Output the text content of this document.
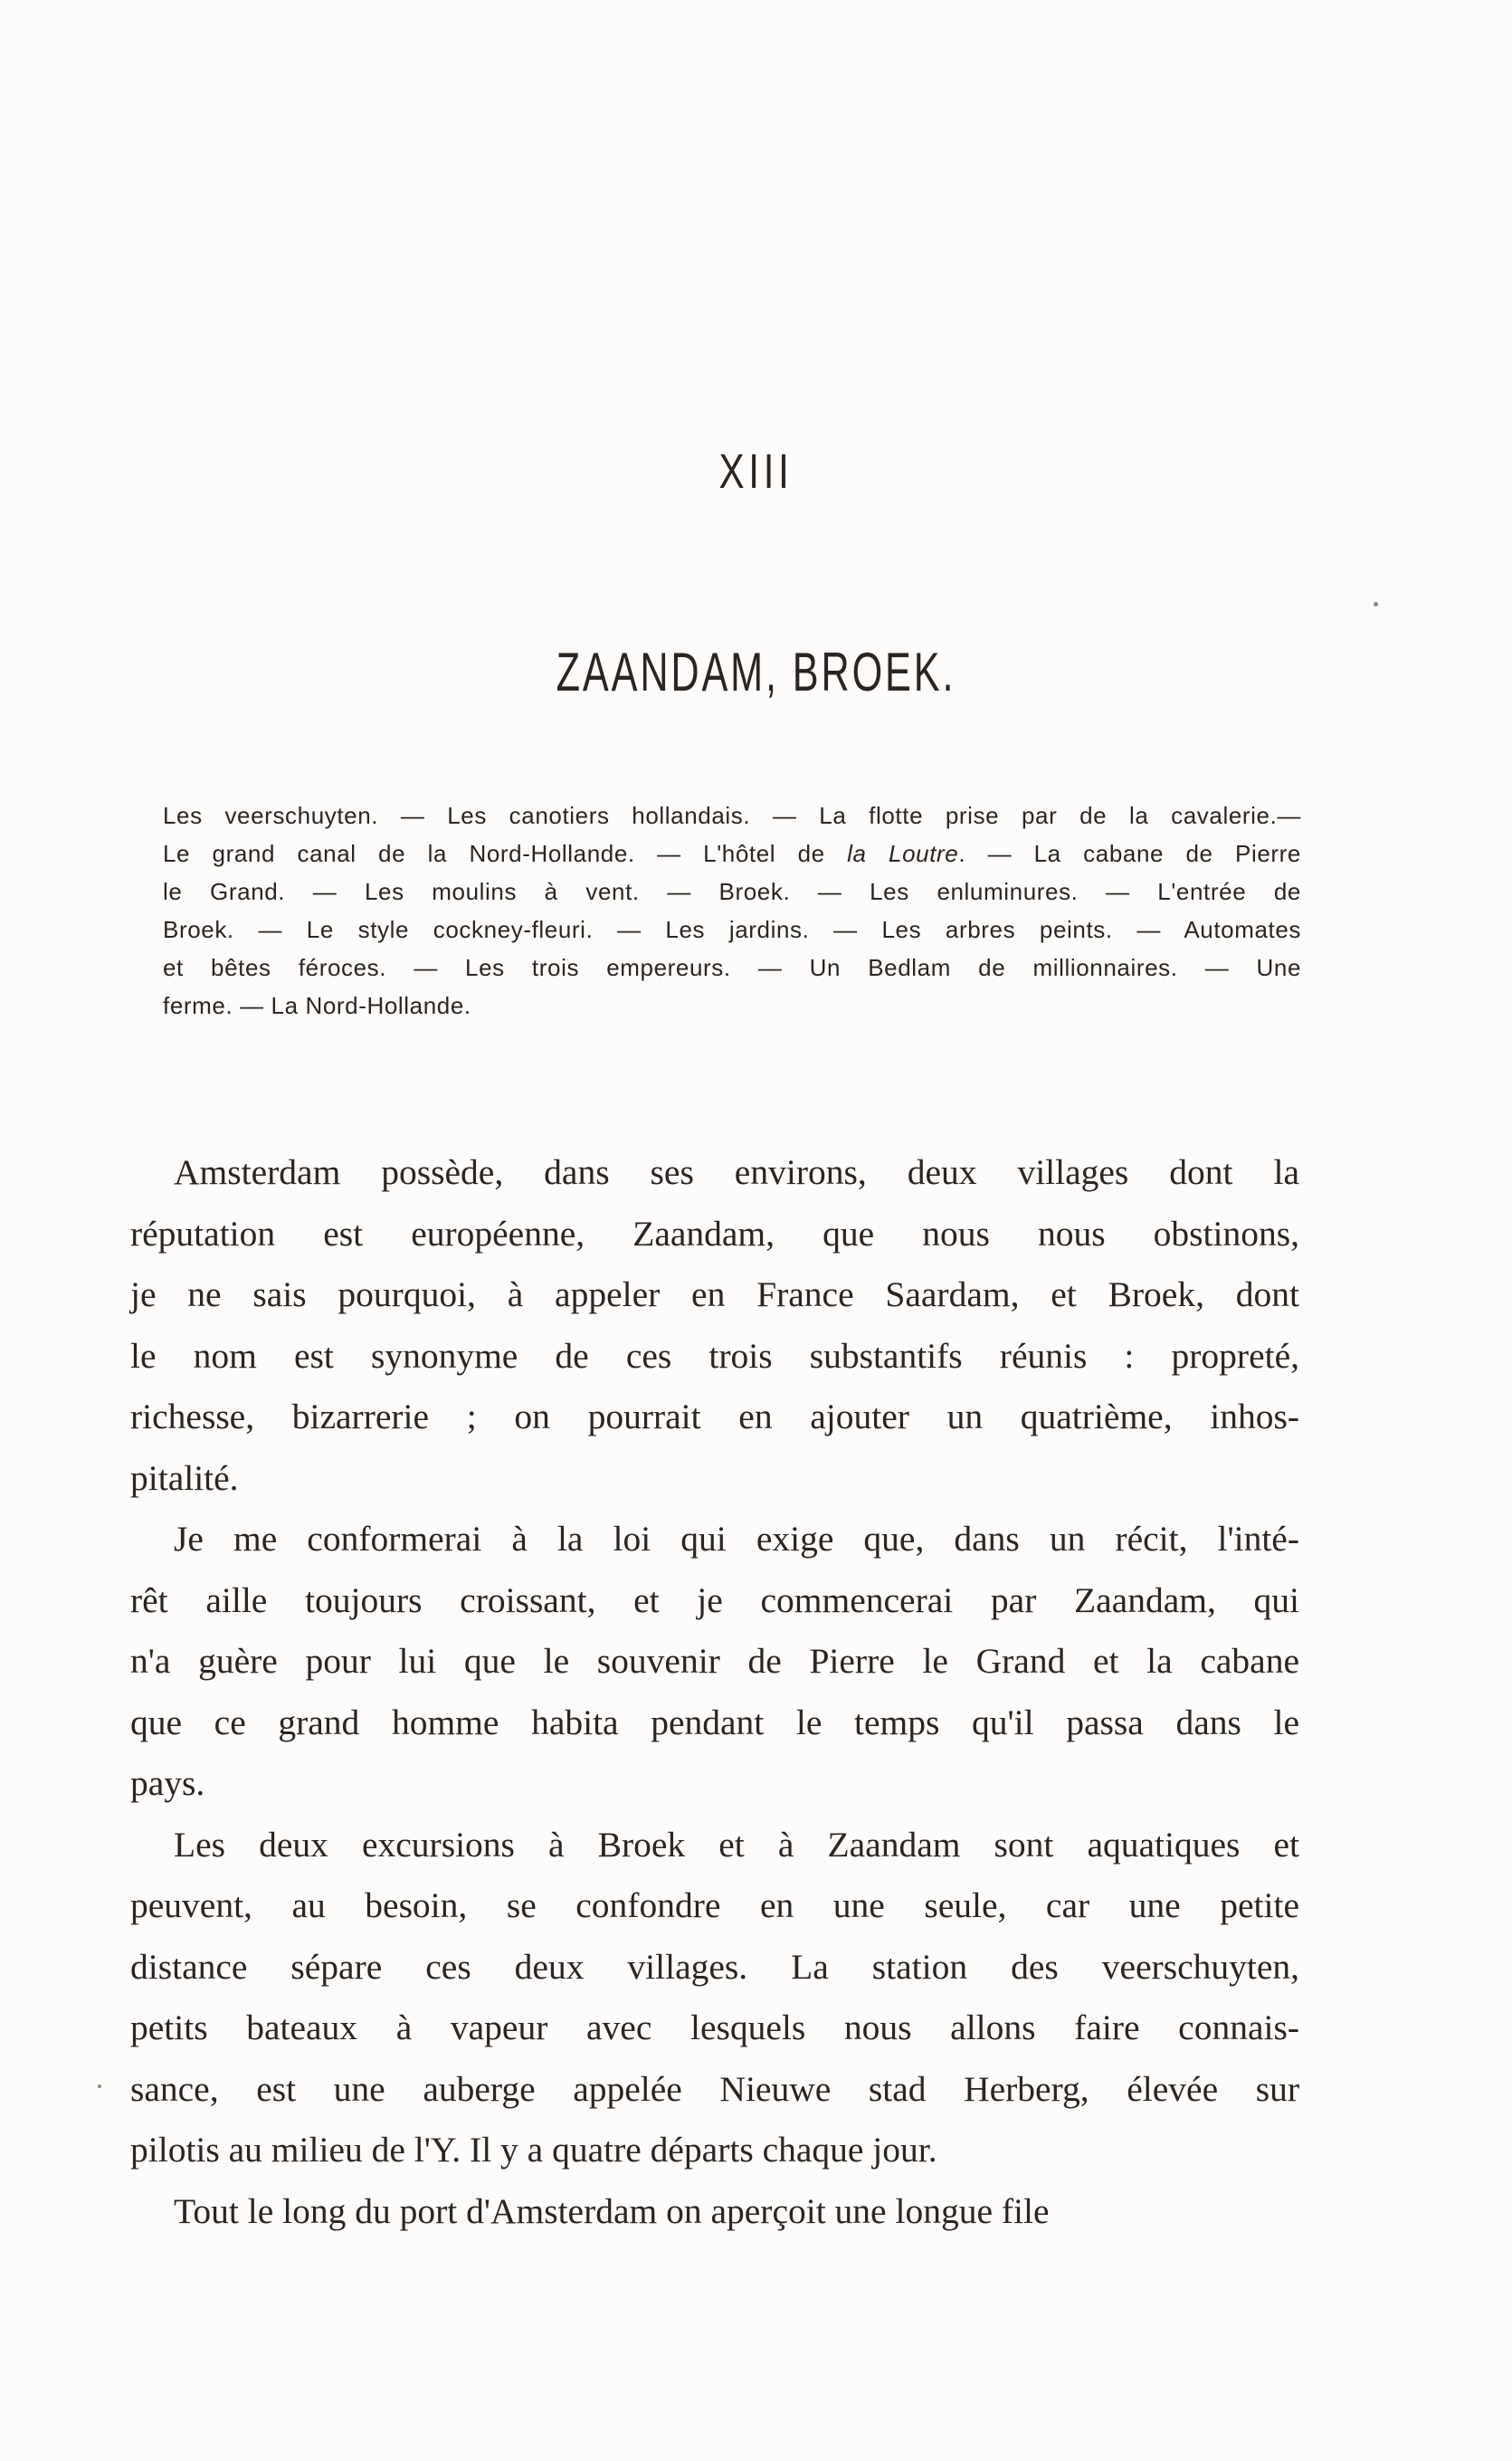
XIII
ZAANDAM, BROEK.
Les veerschuyten. — Les canotiers hollandais. — La flotte prise par de la cavalerie.—
Le grand canal de la Nord-Hollande. — L'hôtel de la Loutre. — La cabane de Pierre
le Grand. — Les moulins à vent. — Broek. — Les enluminures. — L'entrée de
Broek. — Le style cockney-fleuri. — Les jardins. — Les arbres peints. — Automates
et bêtes féroces. — Les trois empereurs. — Un Bedlam de millionnaires. — Une
ferme. — La Nord-Hollande.
Amsterdam possède, dans ses environs, deux villages dont la
réputation est européenne, Zaandam, que nous nous obstinons,
je ne sais pourquoi, à appeler en France Saardam, et Broek, dont
le nom est synonyme de ces trois substantifs réunis : propreté,
richesse, bizarrerie ; on pourrait en ajouter un quatrième, inhos-
pitalité.
Je me conformerai à la loi qui exige que, dans un récit, l'inté-
rêt aille toujours croissant, et je commencerai par Zaandam, qui
n'a guère pour lui que le souvenir de Pierre le Grand et la cabane
que ce grand homme habita pendant le temps qu'il passa dans le
pays.
Les deux excursions à Broek et à Zaandam sont aquatiques et
peuvent, au besoin, se confondre en une seule, car une petite
distance sépare ces deux villages. La station des veerschuyten,
petits bateaux à vapeur avec lesquels nous allons faire connais-
sance, est une auberge appelée Nieuwe stad Herberg, élevée sur
pilotis au milieu de l'Y. Il y a quatre départs chaque jour.
Tout le long du port d'Amsterdam on aperçoit une longue file
